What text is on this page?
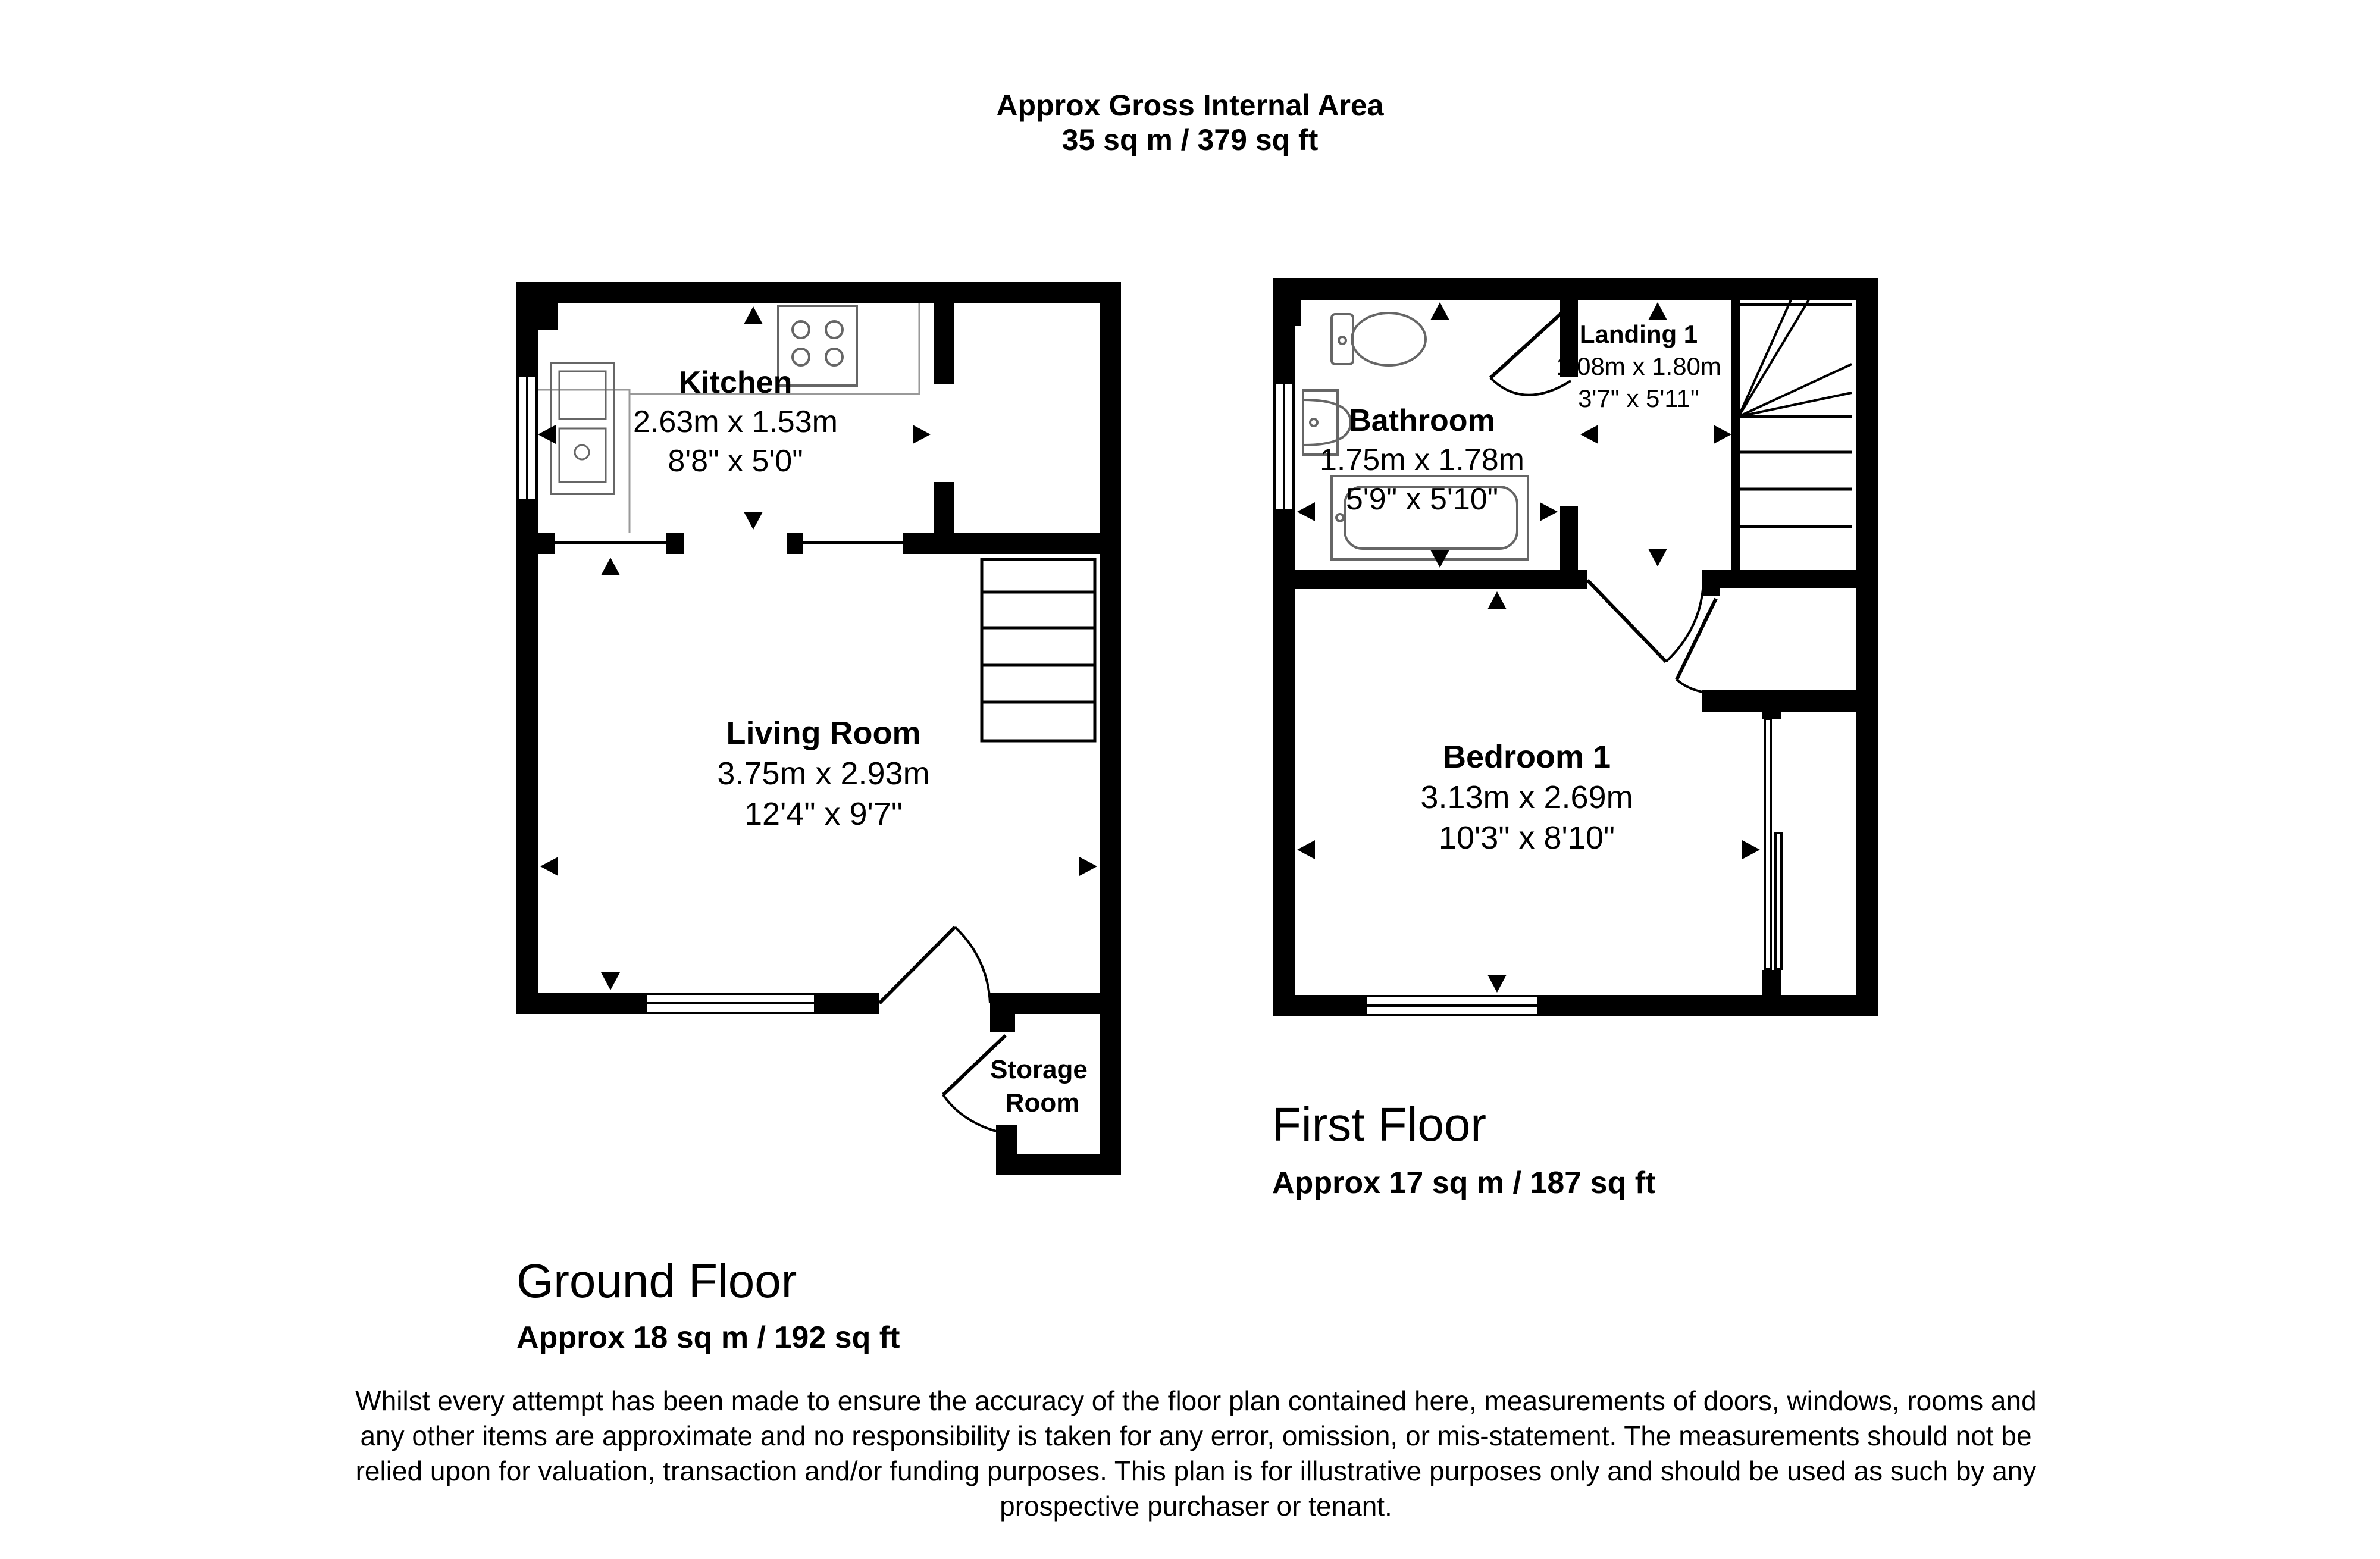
Approx Gross Internal Area
35 sq m / 379 sq ft
Kitchen
2.63m x 1.53m
8'8" x 5'0"
Living Room
3.75m x 2.93m
12'4" x 9'7"
Storage
Room
Bathroom
1.75m x 1.78m
5'9" x 5'10"
Landing 1
1.08m x 1.80m
3'7" x 5'11"
Bedroom 1
3.13m x 2.69m
10'3" x 8'10"
First Floor
Approx 17 sq m / 187 sq ft
Ground Floor
Approx 18 sq m / 192 sq ft
Whilst every attempt has been made to ensure the accuracy of the floor plan contained here, measurements of doors, windows, rooms and
any other items are approximate and no responsibility is taken for any error, omission, or mis-statement. The measurements should not be
relied upon for valuation, transaction and/or funding purposes. This plan is for illustrative purposes only and should be used as such by any
prospective purchaser or tenant.
